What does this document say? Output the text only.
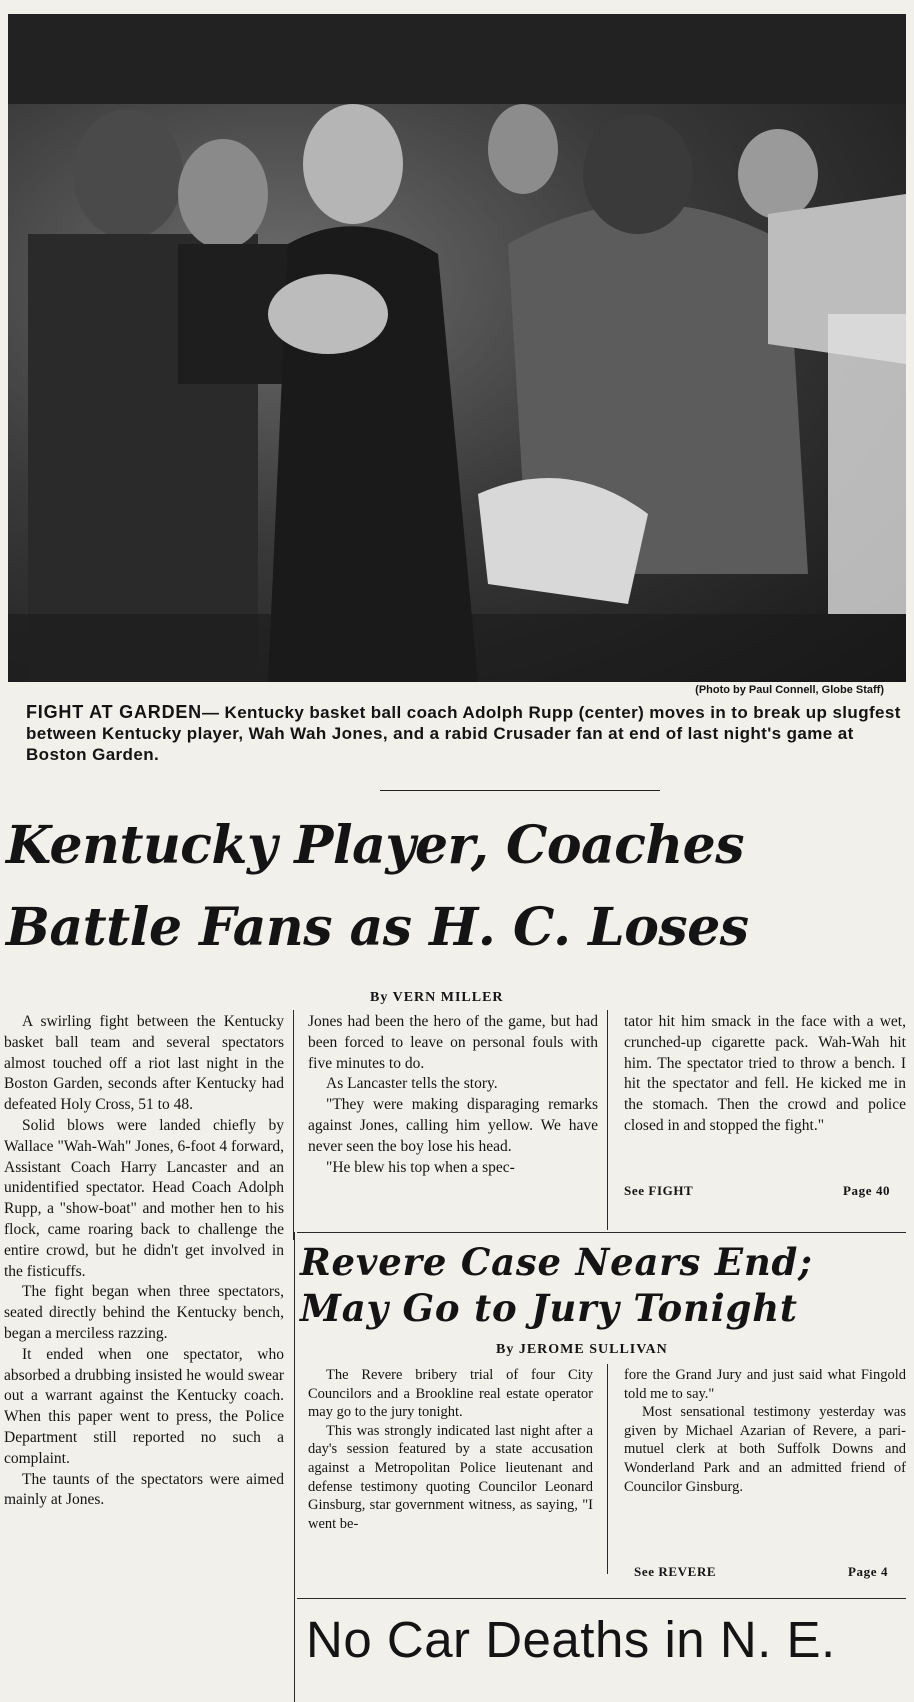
(Photo by Paul Connell, Globe Staff)
FIGHT AT GARDEN— Kentucky basket ball coach Adolph Rupp (center) moves in to break up slugfest between Kentucky player, Wah Wah Jones, and a rabid Crusader fan at end of last night's game at Boston Garden.
Kentucky Player, Coaches
Battle Fans as H. C. Loses
By VERN MILLER

A swirling fight between the Kentucky basket ball team and several spectators almost touched off a riot last night in the Boston Garden, seconds after Kentucky had defeated Holy Cross, 51 to 48.

Solid blows were landed chiefly by Wallace "Wah-Wah" Jones, 6-foot 4 forward, Assistant Coach Harry Lancaster and an unidentified spectator. Head Coach Adolph Rupp, a "show-boat" and mother hen to his flock, came roaring back to challenge the entire crowd, but he didn't get involved in the fisticuffs.

The fight began when three spectators, seated directly behind the Kentucky bench, began a merciless razzing.

It ended when one spectator, who absorbed a drubbing insisted he would swear out a warrant against the Kentucky coach. When this paper went to press, the Police Department still reported no such a complaint.

The taunts of the spectators were aimed mainly at Jones.

Jones had been the hero of the game, but had been forced to leave on personal fouls with five minutes to do.

As Lancaster tells the story.

"They were making disparaging remarks against Jones, calling him yellow. We have never seen the boy lose his head.

"He blew his top when a spec-

tator hit him smack in the face with a wet, crunched-up cigarette pack. Wah-Wah hit him. The spectator tried to throw a bench. I hit the spectator and fell. He kicked me in the stomach. Then the crowd and police closed in and stopped the fight."

See FIGHT	Page 40
Revere Case Nears End;
May Go to Jury Tonight
By JEROME SULLIVAN

The Revere bribery trial of four City Councilors and a Brookline real estate operator may go to the jury tonight.

This was strongly indicated last night after a day's session featured by a state accusation against a Metropolitan Police lieutenant and defense testimony quoting Councilor Leonard Ginsburg, star government witness, as saying, "I went be-

fore the Grand Jury and just said what Fingold told me to say."

Most sensational testimony yesterday was given by Michael Azarian of Revere, a pari-mutuel clerk at both Suffolk Downs and Wonderland Park and an admitted friend of Councilor Ginsburg.

See REVERE	Page 4
No Car Deaths in N. E.
